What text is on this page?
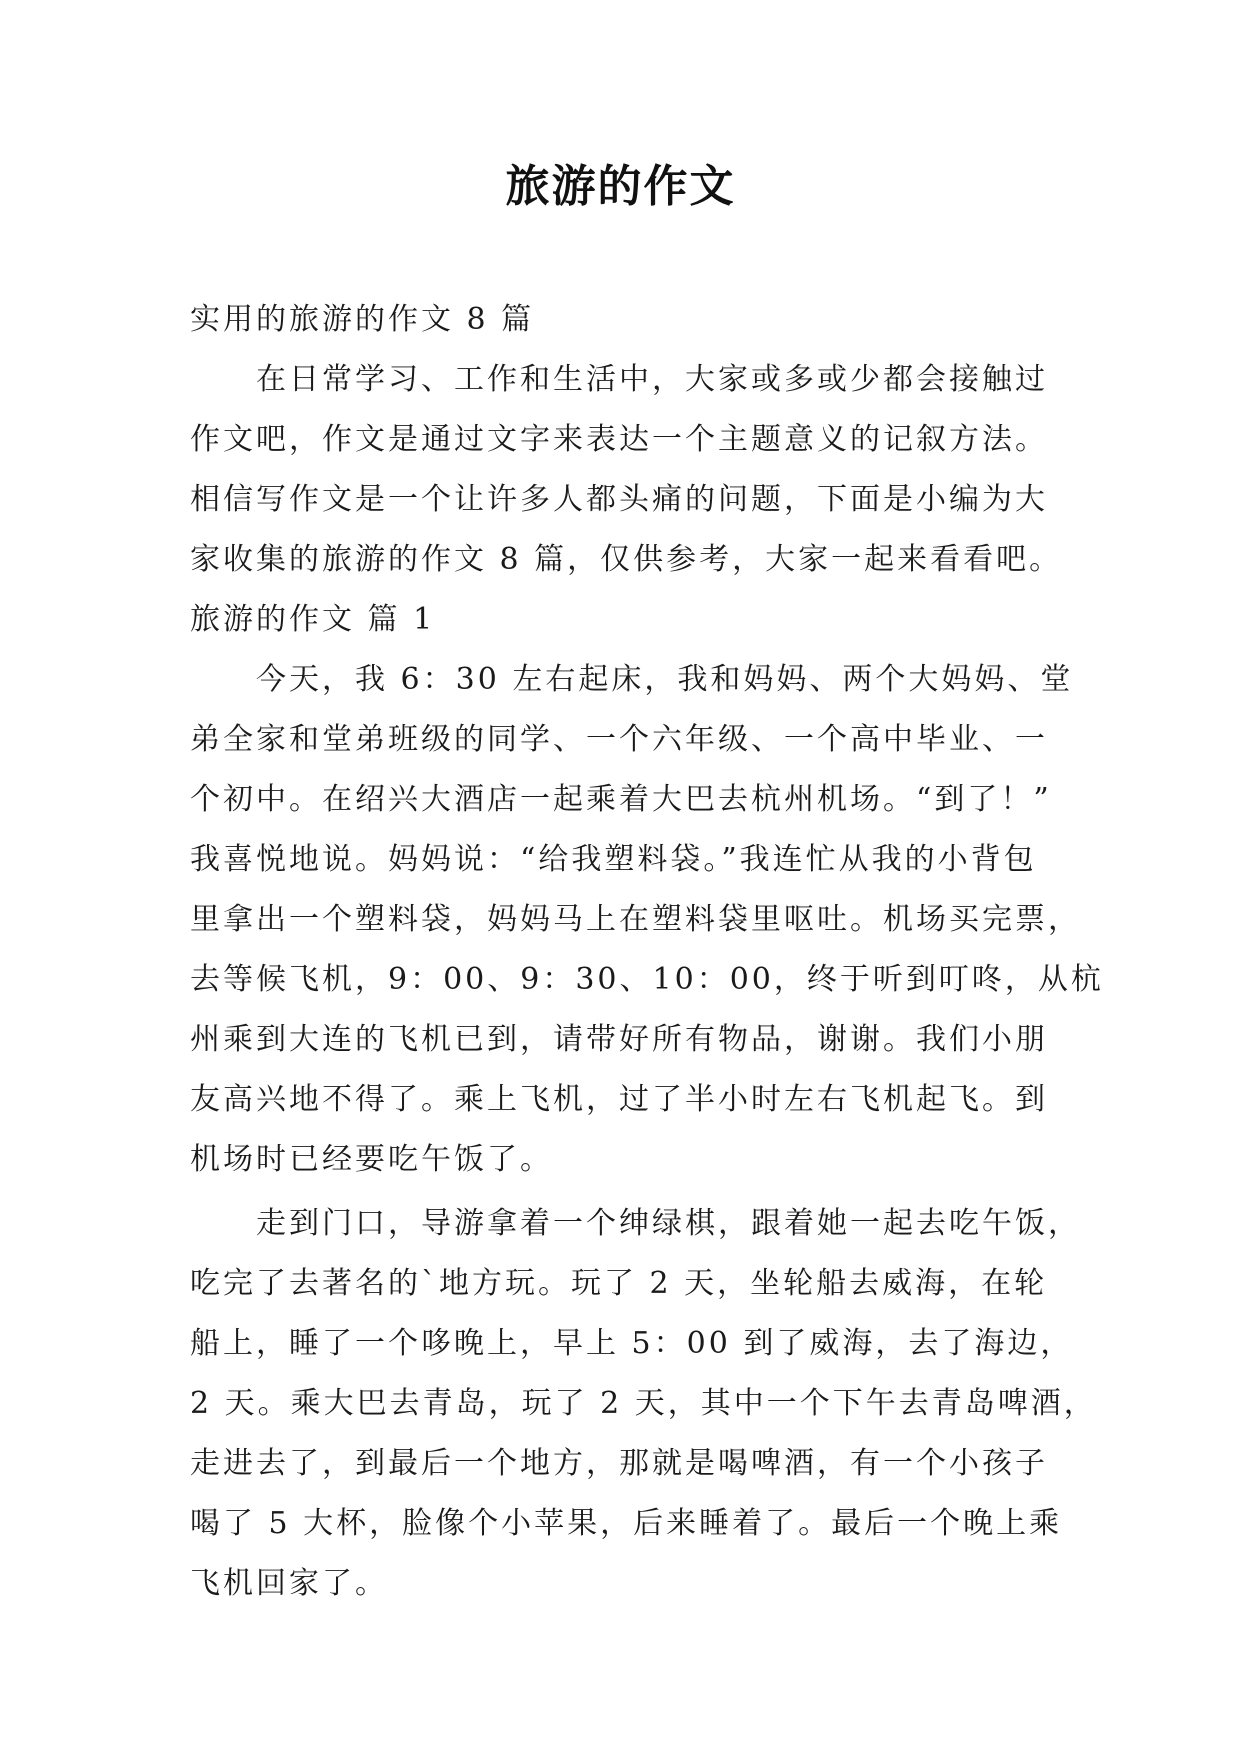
旅游的作文
实用的旅游的作文 8 篇
在日常学习、工作和生活中，大家或多或少都会接触过
作文吧，作文是通过文字来表达一个主题意义的记叙方法。
相信写作文是一个让许多人都头痛的问题，下面是小编为大
家收集的旅游的作文 8 篇，仅供参考，大家一起来看看吧。
旅游的作文 篇 1
今天，我 6：30 左右起床，我和妈妈、两个大妈妈、堂
弟全家和堂弟班级的同学、一个六年级、一个高中毕业、一
个初中。在绍兴大酒店一起乘着大巴去杭州机场。“到了！”
我喜悦地说。妈妈说：“给我塑料袋。”我连忙从我的小背包
里拿出一个塑料袋，妈妈马上在塑料袋里呕吐。机场买完票，
去等候飞机，9：00、9：30、10：00，终于听到叮咚，从杭
州乘到大连的飞机已到，请带好所有物品，谢谢。我们小朋
友高兴地不得了。乘上飞机，过了半小时左右飞机起飞。到
机场时已经要吃午饭了。
走到门口，导游拿着一个绅绿棋，跟着她一起去吃午饭，
吃完了去著名的`地方玩。玩了 2 天，坐轮船去威海，在轮
船上，睡了一个哆晚上，早上 5：00 到了威海，去了海边，
2 天。乘大巴去青岛，玩了 2 天，其中一个下午去青岛啤酒，
走进去了，到最后一个地方，那就是喝啤酒，有一个小孩子
喝了 5 大杯，脸像个小苹果，后来睡着了。最后一个晚上乘
飞机回家了。
